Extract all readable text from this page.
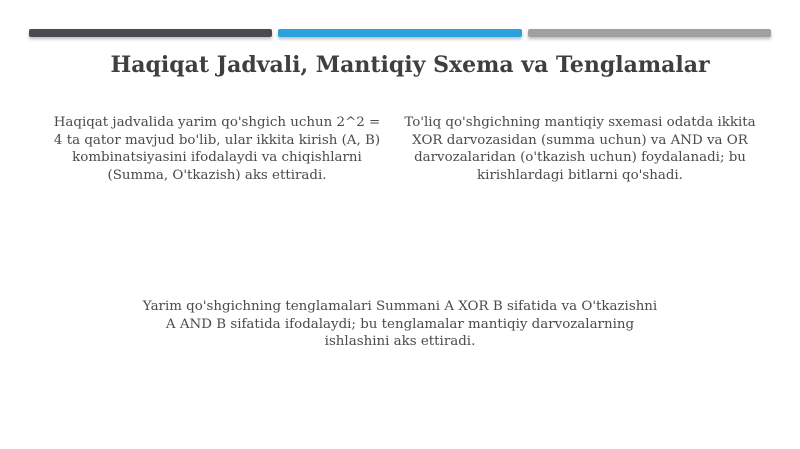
Haqiqat Jadvali, Mantiqiy Sxema va Tenglamalar
Haqiqat jadvalida yarim qo'shgich uchun 2^2 = 4 ta qator mavjud bo'lib, ular ikkita kirish (A, B) kombinatsiyasini ifodalaydi va chiqishlarni (Summa, O'tkazish) aks ettiradi.
To'liq qo'shgichning mantiqiy sxemasi odatda ikkita XOR darvozasidan (summa uchun) va AND va OR darvozalaridan (o'tkazish uchun) foydalanadi; bu kirishlardagi bitlarni qo'shadi.
Yarim qo'shgichning tenglamalari Summani A XOR B sifatida va O'tkazishni A AND B sifatida ifodalaydi; bu tenglamalar mantiqiy darvozalarning ishlashini aks ettiradi.
